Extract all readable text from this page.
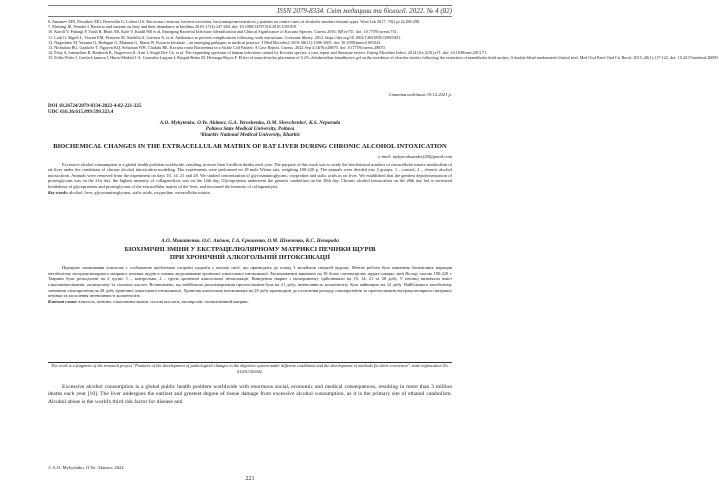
ISSN 2079-8334. Світ медицини та біології. 2022. № 4 (82)

6. Amaniev MN, Fesenkov MG, Beresedin G, Lobert GA. Кислотна стеатоза, bacteria excretion, Інсулинорезистентність у patients on centre-cases of alcoholic insulin-resistant types. Wnd Lek 2017; 70(2 pt 2):286-290.

7. Fleming JE, Wander I. Bacteria and enzyme on fatty and their abundance in biofilms 2019; 17(4):247-260. doi: 10.1080/14787210.2019.1581019.

10. Karoli V, Palungi P, Vaish R, Bhatt AR, Kale V, Kaidil NB et al. Emerging Bacterial Infection: Identification and Clinical Significance of Kocuria Species. Cureus 2016; 8(8):e731. doi: 10.7759/cureus.731.

11. Lodi G, Rigoli L, Viorini EM, Pesterno M, Sardella A, Carrassi A, et al. Antibiotics to prevent complications following tooth extractions. Cochrane library. 2012. https://doi.org/10.1002/14651858.CD003811.

12. Nagashino M, Yasuma G, Bodagan G, Matuma G, Maria W. Kocuria kristinae – an emerging pathogen in medical practice. J Med Microbiol 2019; 68(11):1596-1603. doi: 10.1099/jmm.0.001023.

13. Nichukan BG, Gazikele T, Nguyen KQ, Schuman WH, Chidulu RE. Kocuria rosea Bacteremia in a Sickle Cell Patient: A Case Report. Cureus. 2022 Sep 4;14(9):e28870. doi: 10.7759/cureus.28870.

14. Fetty S, Samuelsen R, Reuberth K, Nugyerwn K, Arni J, Singh Dev Ch, et al. The expanding spectrum of human infections caused by Kocuria species: a case report and literature review. Emerg Microbes Infect. 2014 Oct;3(10):e71. doi: 10.1038/emi.2013.71.

15. Poltis-Poles I, Grefin-Llamosa I, Hurto-Madrid J-A, Gonzalez-Laguna I, Ruspid-Renta M, Hevaoga-Reyes F. Effect of intra-alveolar placement of 0.2% chlorhexidine bioadhesive gel on the incidence of alveolar osteitis following the extraction of mandibular third molars. A double-blind randomized clinical trial. Med Oral Patol Oral Cir Bucal. 2015; 20(1):117-122. doi: 10.4317/medoral.20009.

Стаття надійшла 19.12.2021 р.
DOI 10.26724/2079-8334-2022-4-82-221-225
UDC 616.36:615.099:599.323.4
A.O. Mykytenko, O.Ye. Akimov, G.A. Yeroshenko, O.M. Shevchenko¹, K.S. Neporada
Poltava State Medical University, Poltava
¹Kharkiv National Medical University, Kharkiv
BIOCHEMICAL CHANGES IN THE EXTRACELLULAR MATRIX OF RAT LIVER DURING CHRONIC ALCOHOL INTOXICATION
e-mail: mykytenkoandrej18@gmail.com
Excessive alcohol consumption is a global health problem worldwide, resulting in more than 3 million deaths each year. The purpose of this work was to study the biochemical markers of extracellular matrix metabolism of rat liver under the conditions of chronic alcohol intoxication modeling. The experiments were performed on 18 male Wistar rats, weighing 180-220 g. The animals were divided into 3 groups: 1 – control, 2 – chronic alcohol intoxication. Animals were removed from the experiment on days 10, 14, 21 and 28. We studied concentration of glycosaminoglycans, oxyproline and sialic acids in rat liver. We established that the greatest depolymerization of proteoglycans was on the 21st day, the highest intensity of collagenolysis was on the 14th day. Glycoproteins underwent the greatest catabolism on the 28th day. Chronic alcohol intoxication on the 28th day led to increased breakdown of glycoproteins and proteoglycans of the extracellular matrix of the liver, and increased the intensity of collagenolysis.
Key words: alcohol, liver, glycosaminoglycans, sialic acids, oxyproline, extracellular matrix.
А.О. Микитенко, О.Є. Акімов, Г.А. Єрошенко, О.М. Шевченко, К.С. Непорада
БІОХІМІЧНІ ЗМІНИ У ЕКСТРАЦЕЛЮЛЯРНОМУ МАТРИКСІ ПЕЧІНКИ ЩУРІВ
ПРИ ХРОНІЧНІЙ АЛКОГОЛЬНІЙ ІНТОКСИКАЦІЇ
Надмірне споживання алкоголю є глобальною проблемою охорони здоров'я у всьому світі, що призводить до понад 3 мільйонів смертей щороку. Метою роботи було вивчення біохімічних маркерів метаболізму екстрацелюлярного матриксу печінки щурів в умовах моделювання хронічної алкогольної інтоксикації. Експерименти виконано на 18 білих статевозрілих щурах-самцях лінії Вістар, масою 180-220 г. Тварини були розподілені на 2 групи: 1 – контрольна, 2 – група хронічної алкогольної інтоксикації. Виведення тварин з експерименту здійснювали на 10, 14, 21 та 28 добу. У печінці визначали вміст глікозаміногліканів, оксипроліну та сіалових кислот. Встановлено, що найбільша деполімеризація протеогліканів була на 21 добу, інтенсивність колагенолізу була найвищою на 14 добу. Найбільшого катаболізму зазнавали глікопротеїни на 28 добу хронічної алкогольної інтоксикації. Хронічна алкогольна інтоксикація на 28 добу призводила до посилення розпаду глікопротеїнів та протеогліканів екстрацелюлярного матриксу печінки та посилення інтенсивності колагенолізу.
Ключові слова: алкоголь, печінка, глікозаміноглікани, сіалові кислоти, оксипролін, позаклітинний матрикс.
The work is a fragment of the research project "Features of the development of pathological changes in the digestive system under different conditions and the development of methods for their correction", state registration No. 0120U100302.
Excessive alcohol consumption is a global public health problem worldwide with enormous social, economic and medical consequences, resulting in more than 3 million deaths each year [10]. The liver undergoes the earliest and greatest degree of tissue damage from excessive alcohol consumption, as it is the primary site of ethanol catabolism. Alcohol abuse is the world's third risk factor for disease and
© A.O. Mykytenko, O.Ye. Akimov, 2022
221
